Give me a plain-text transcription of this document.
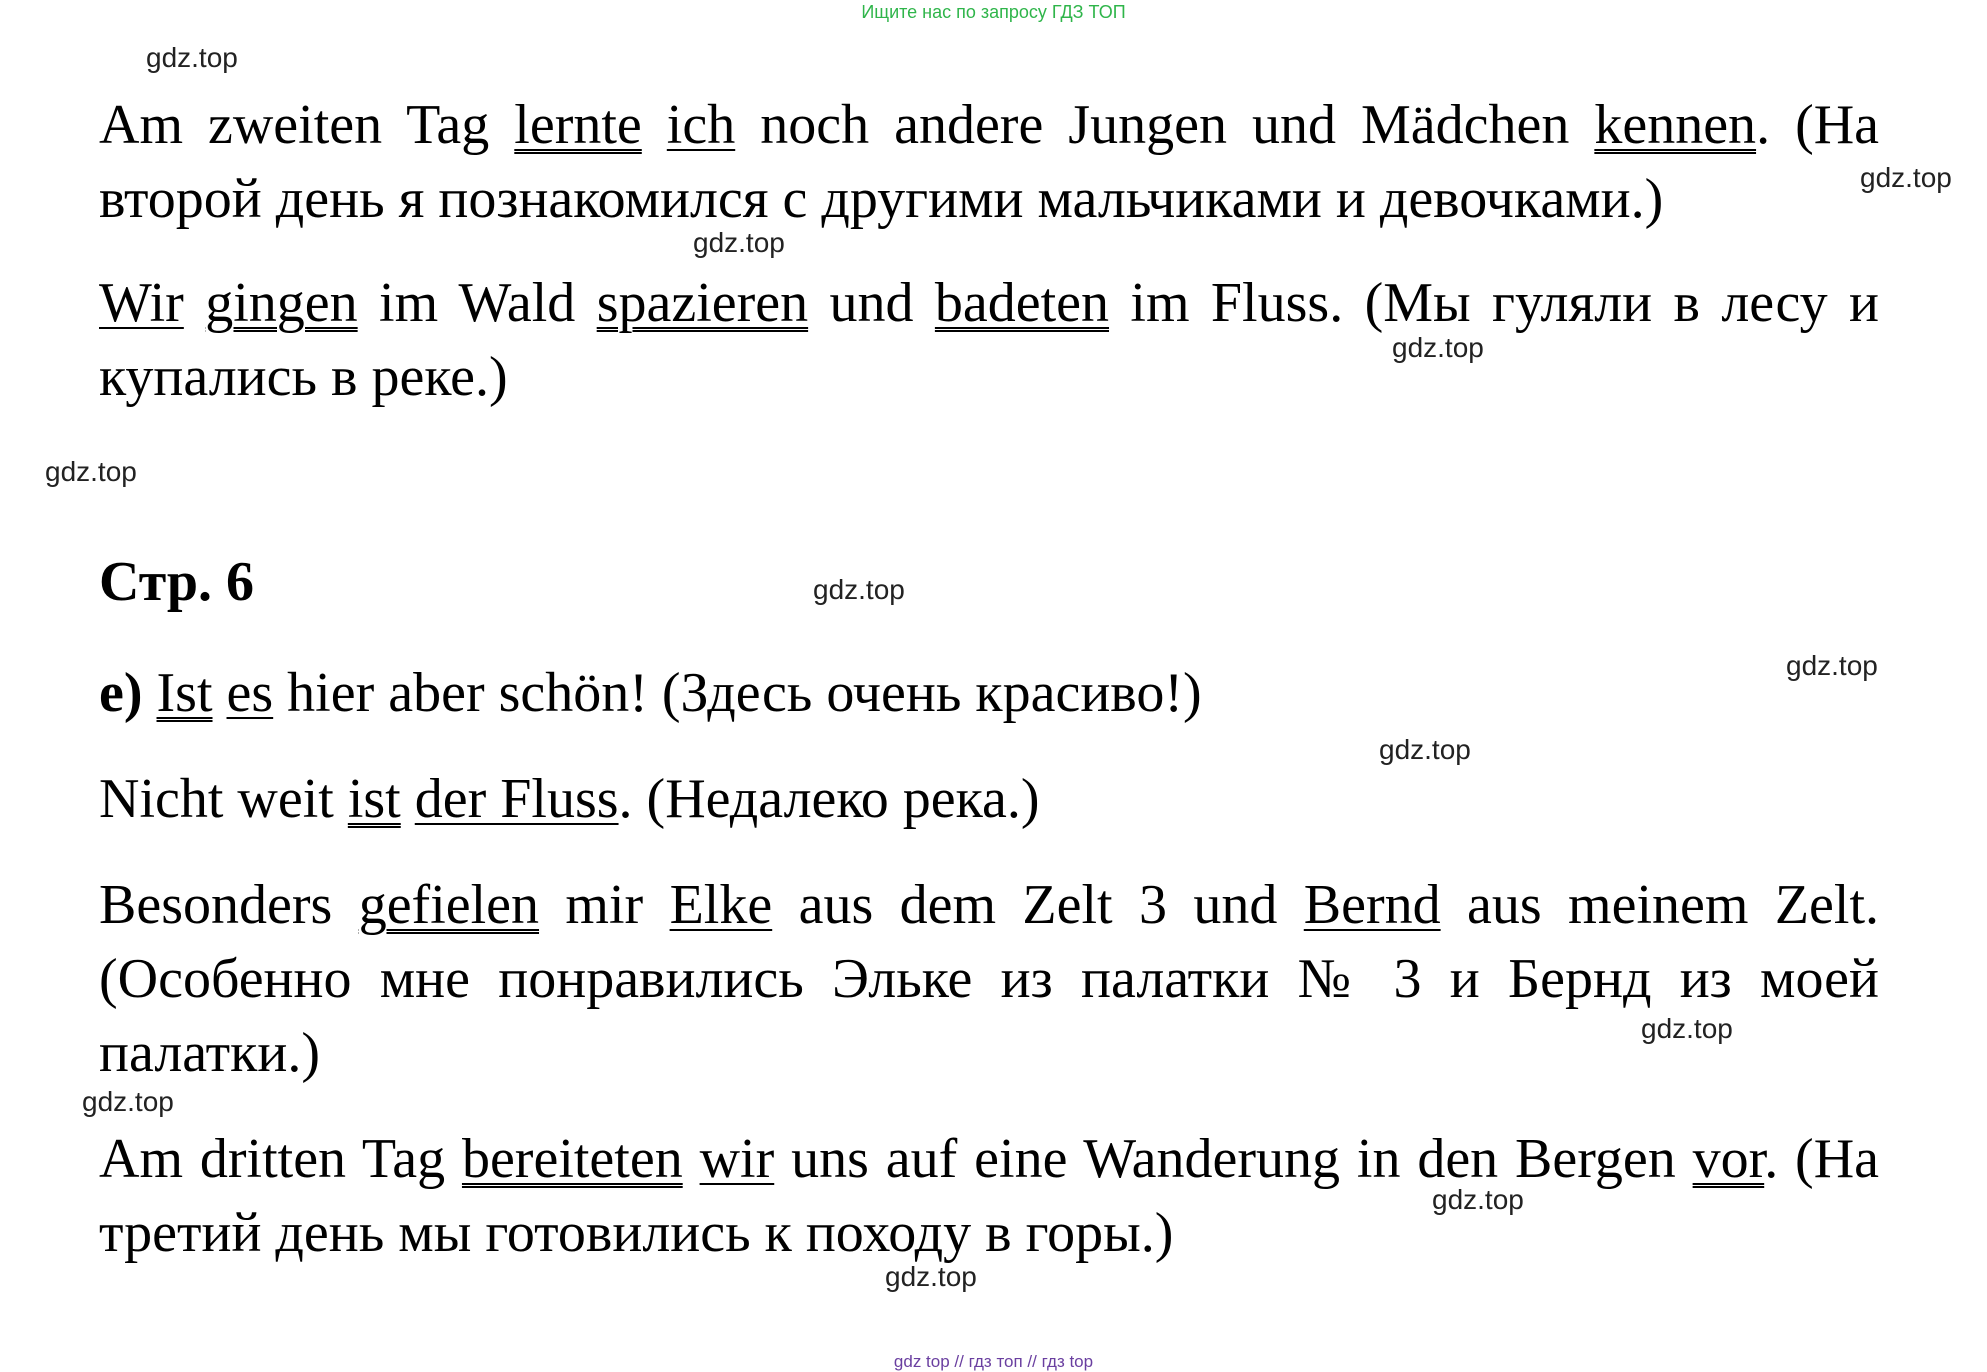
Ищите нас по запросу ГДЗ ТОП
Am zweiten Tag lernte ich noch andere Jungen und Mädchen kennen. (На второй день я познакомился с другими мальчиками и девочками.)
Wir gingen im Wald spazieren und badeten im Fluss. (Мы гуляли в лесу и купались в реке.)
Стр. 6
e) Ist es hier aber schön! (Здесь очень красиво!)
Nicht weit ist der Fluss. (Недалеко река.)
Besonders gefielen mir Elke aus dem Zelt 3 und Bernd aus meinem Zelt. (Особенно мне понравились Эльке из палатки № 3 и Бернд из моей палатки.)
Am dritten Tag bereiteten wir uns auf eine Wanderung in den Bergen vor. (На третий день мы готовились к походу в горы.)
gdz.top
gdz.top
gdz.top
gdz.top
gdz.top
gdz.top
gdz.top
gdz.top
gdz.top
gdz.top
gdz.top
gdz.top
gdz top // гдз топ // гдз top
